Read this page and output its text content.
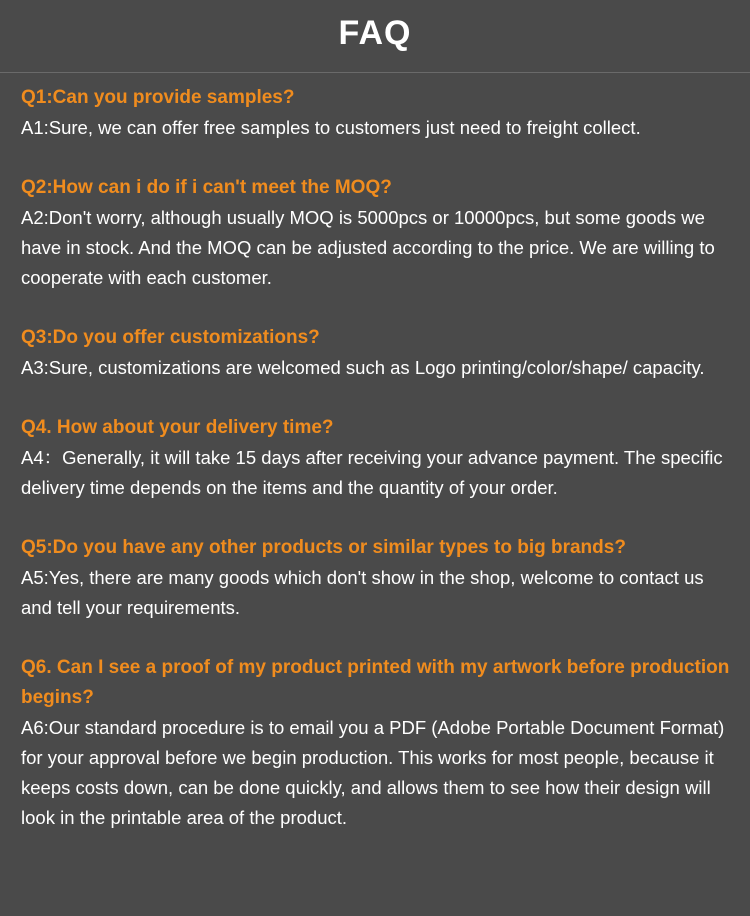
FAQ

Q1:Can you provide samples?

A1:Sure, we can offer free samples to customers just need to freight collect.

Q2:How can i do if i can't meet the MOQ?

A2:Don't worry, although usually MOQ is 5000pcs or 10000pcs, but some goods we have in stock. And the MOQ can be adjusted according to the price. We are willing to cooperate with each customer.

Q3:Do you offer customizations?

A3:Sure, customizations are welcomed such as Logo printing/color/shape/ capacity.

Q4. How about your delivery time?

A4：Generally, it will take 15 days after receiving your advance payment. The specific delivery time depends on the items and the quantity of your order.

Q5:Do you have any other products or similar types to big brands?

A5:Yes, there are many goods which don't show in the shop, welcome to contact us and tell your requirements.

Q6. Can I see a proof of my product printed with my artwork before production begins?

A6:Our standard procedure is to email you a PDF (Adobe Portable Document Format) for your approval before we begin production. This works for most people, because it keeps costs down, can be done quickly, and allows them to see how their design will look in the printable area of the product.
